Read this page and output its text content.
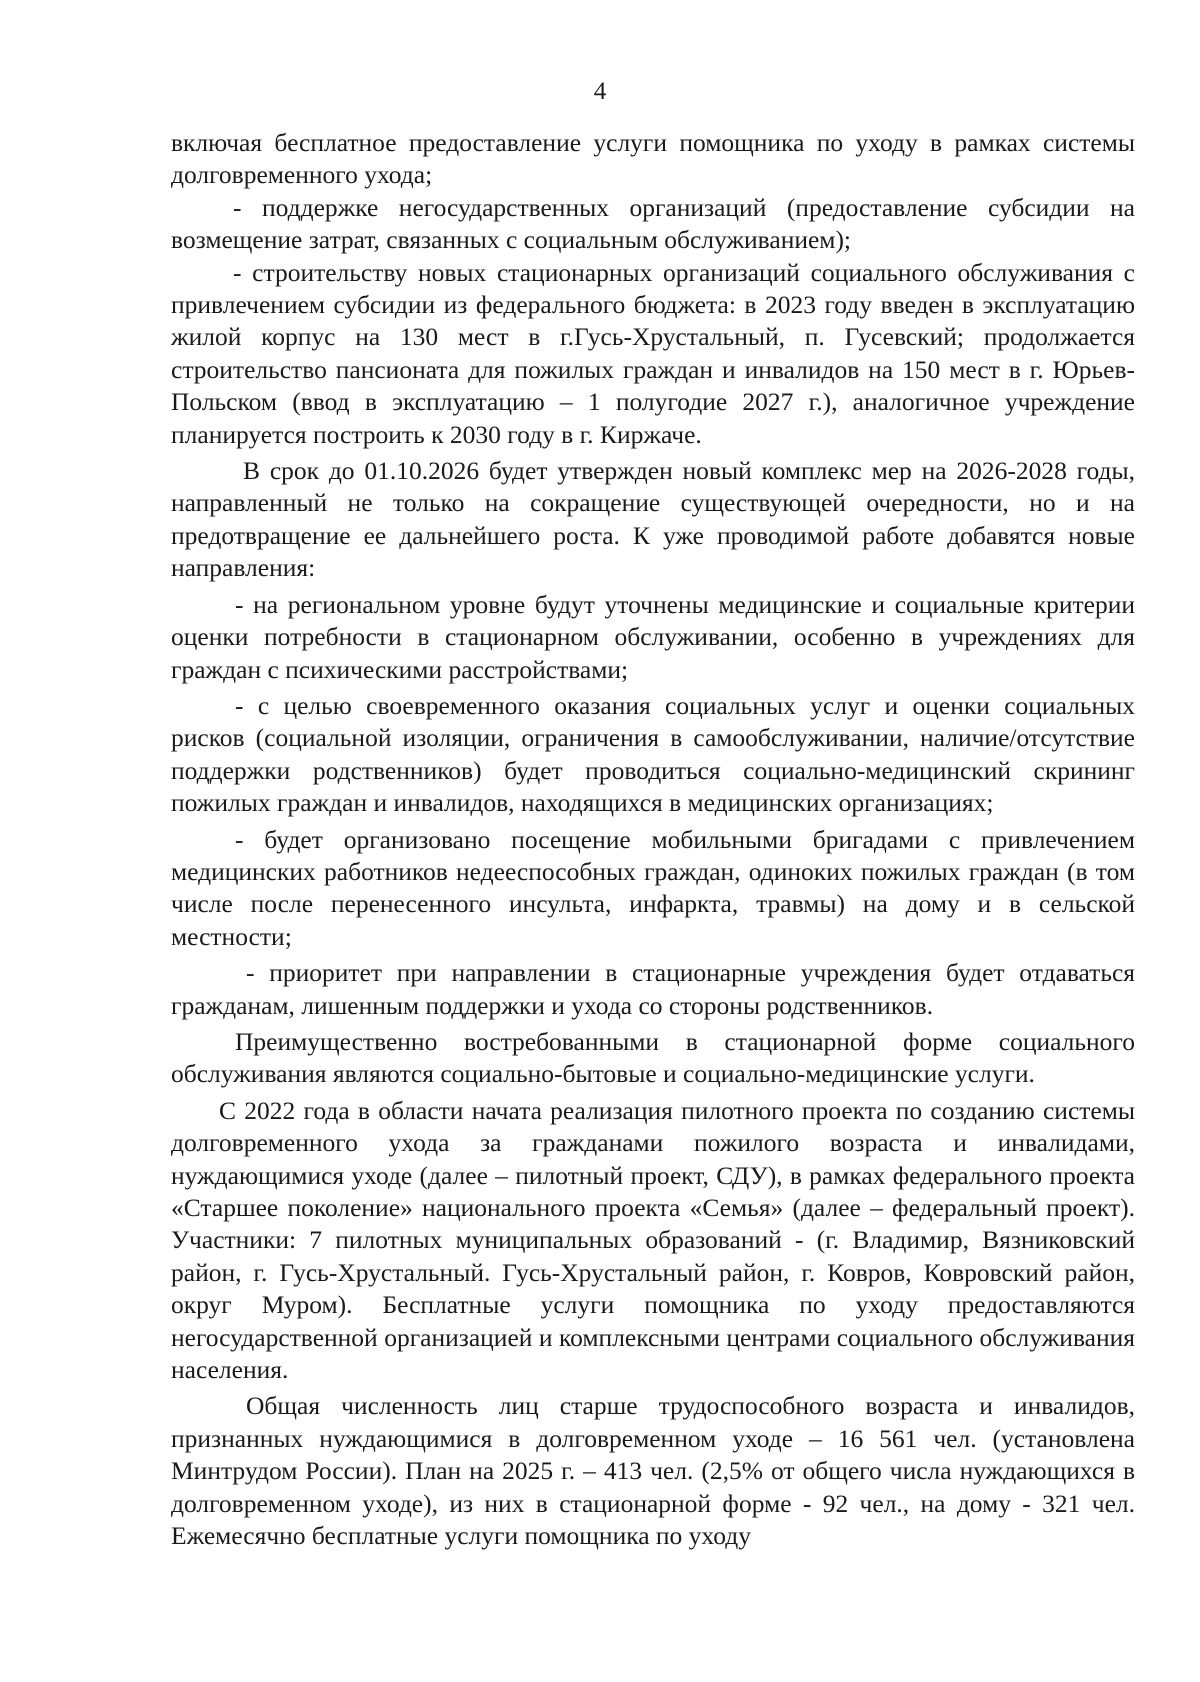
4

включая бесплатное предоставление услуги помощника по уходу в рамках системы долговременного ухода;

- поддержке негосударственных организаций (предоставление субсидии на возмещение затрат, связанных с социальным обслуживанием);

- строительству новых стационарных организаций социального обслуживания с привлечением субсидии из федерального бюджета: в 2023 году введен в эксплуатацию жилой корпус на 130 мест в г.Гусь-Хрустальный, п. Гусевский; продолжается строительство пансионата для пожилых граждан и инвалидов на 150 мест в г. Юрьев-Польском (ввод в эксплуатацию – 1 полугодие 2027 г.), аналогичное учреждение планируется построить к 2030 году в г. Киржаче.

В срок до 01.10.2026 будет утвержден новый комплекс мер на 2026-2028 годы, направленный не только на сокращение существующей очередности, но и на предотвращение ее дальнейшего роста. К уже проводимой работе добавятся новые направления:

- на региональном уровне будут уточнены медицинские и социальные критерии оценки потребности в стационарном обслуживании, особенно в учреждениях для граждан с психическими расстройствами;

- с целью своевременного оказания социальных услуг и оценки социальных рисков (социальной изоляции, ограничения в самообслуживании, наличие/отсутствие поддержки родственников) будет проводиться социально-медицинский скрининг пожилых граждан и инвалидов, находящихся в медицинских организациях;

- будет организовано посещение мобильными бригадами с привлечением медицинских работников недееспособных граждан, одиноких пожилых граждан (в том числе после перенесенного инсульта, инфаркта, травмы) на дому и в сельской местности;

- приоритет при направлении в стационарные учреждения будет отдаваться гражданам, лишенным поддержки и ухода со стороны родственников.

Преимущественно востребованными в стационарной форме социального обслуживания являются социально-бытовые и социально-медицинские услуги.

С 2022 года в области начата реализация пилотного проекта по созданию системы долговременного ухода за гражданами пожилого возраста и инвалидами, нуждающимися уходе (далее – пилотный проект, СДУ), в рамках федерального проекта «Старшее поколение» национального проекта «Семья» (далее – федеральный проект). Участники: 7 пилотных муниципальных образований - (г. Владимир, Вязниковский район, г. Гусь-Хрустальный. Гусь-Хрустальный район, г. Ковров, Ковровский район, округ Муром). Бесплатные услуги помощника по уходу предоставляются негосударственной организацией и комплексными центрами социального обслуживания населения.

Общая численность лиц старше трудоспособного возраста и инвалидов, признанных нуждающимися в долговременном уходе – 16 561 чел. (установлена Минтрудом России). План на 2025 г. – 413 чел. (2,5% от общего числа нуждающихся в долговременном уходе), из них в стационарной форме - 92 чел., на дому - 321 чел. Ежемесячно бесплатные услуги помощника по уходу
